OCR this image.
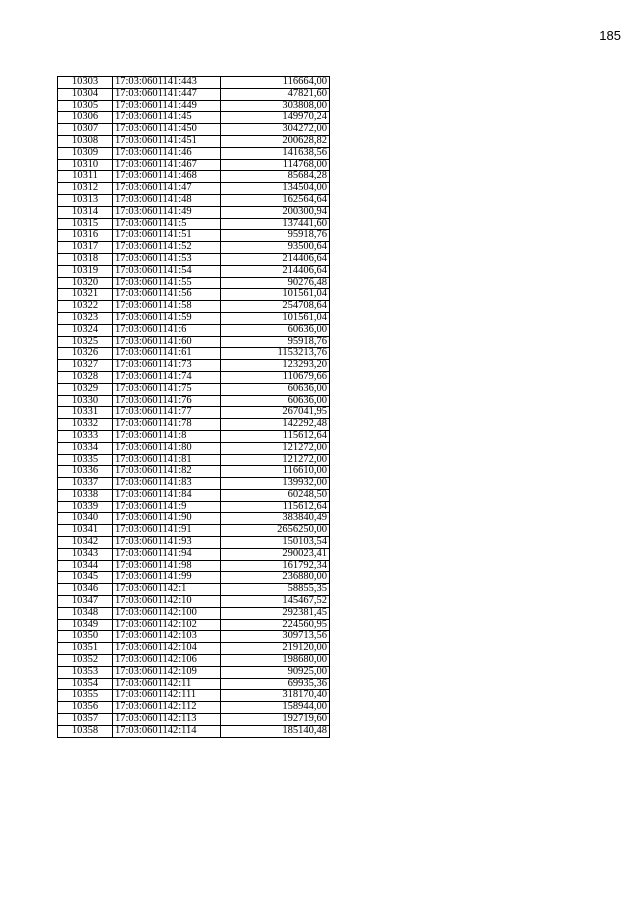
185
10303	17:03:0601141:443	116664,00
10304	17:03:0601141:447	47821,60
10305	17:03:0601141:449	303808,00
10306	17:03:0601141:45	149970,24
10307	17:03:0601141:450	304272,00
10308	17:03:0601141:451	200628,82
10309	17:03:0601141:46	141638,56
10310	17:03:0601141:467	114768,00
10311	17:03:0601141:468	85684,28
10312	17:03:0601141:47	134504,00
10313	17:03:0601141:48	162564,64
10314	17:03:0601141:49	200300,94
10315	17:03:0601141:5	137441,60
10316	17:03:0601141:51	95918,76
10317	17:03:0601141:52	93500,64
10318	17:03:0601141:53	214406,64
10319	17:03:0601141:54	214406,64
10320	17:03:0601141:55	90276,48
10321	17:03:0601141:56	101561,04
10322	17:03:0601141:58	254708,64
10323	17:03:0601141:59	101561,04
10324	17:03:0601141:6	60636,00
10325	17:03:0601141:60	95918,76
10326	17:03:0601141:61	1153213,76
10327	17:03:0601141:73	123293,20
10328	17:03:0601141:74	110679,66
10329	17:03:0601141:75	60636,00
10330	17:03:0601141:76	60636,00
10331	17:03:0601141:77	267041,95
10332	17:03:0601141:78	142292,48
10333	17:03:0601141:8	115612,64
10334	17:03:0601141:80	121272,00
10335	17:03:0601141:81	121272,00
10336	17:03:0601141:82	116610,00
10337	17:03:0601141:83	139932,00
10338	17:03:0601141:84	60248,50
10339	17:03:0601141:9	115612,64
10340	17:03:0601141:90	383840,49
10341	17:03:0601141:91	2656250,00
10342	17:03:0601141:93	150103,54
10343	17:03:0601141:94	290023,41
10344	17:03:0601141:98	161792,34
10345	17:03:0601141:99	236880,00
10346	17:03:0601142:1	58855,35
10347	17:03:0601142:10	145467,52
10348	17:03:0601142:100	292381,45
10349	17:03:0601142:102	224560,95
10350	17:03:0601142:103	309713,56
10351	17:03:0601142:104	219120,00
10352	17:03:0601142:106	198680,00
10353	17:03:0601142:109	90925,00
10354	17:03:0601142:11	69935,36
10355	17:03:0601142:111	318170,40
10356	17:03:0601142:112	158944,00
10357	17:03:0601142:113	192719,60
10358	17:03:0601142:114	185140,48
